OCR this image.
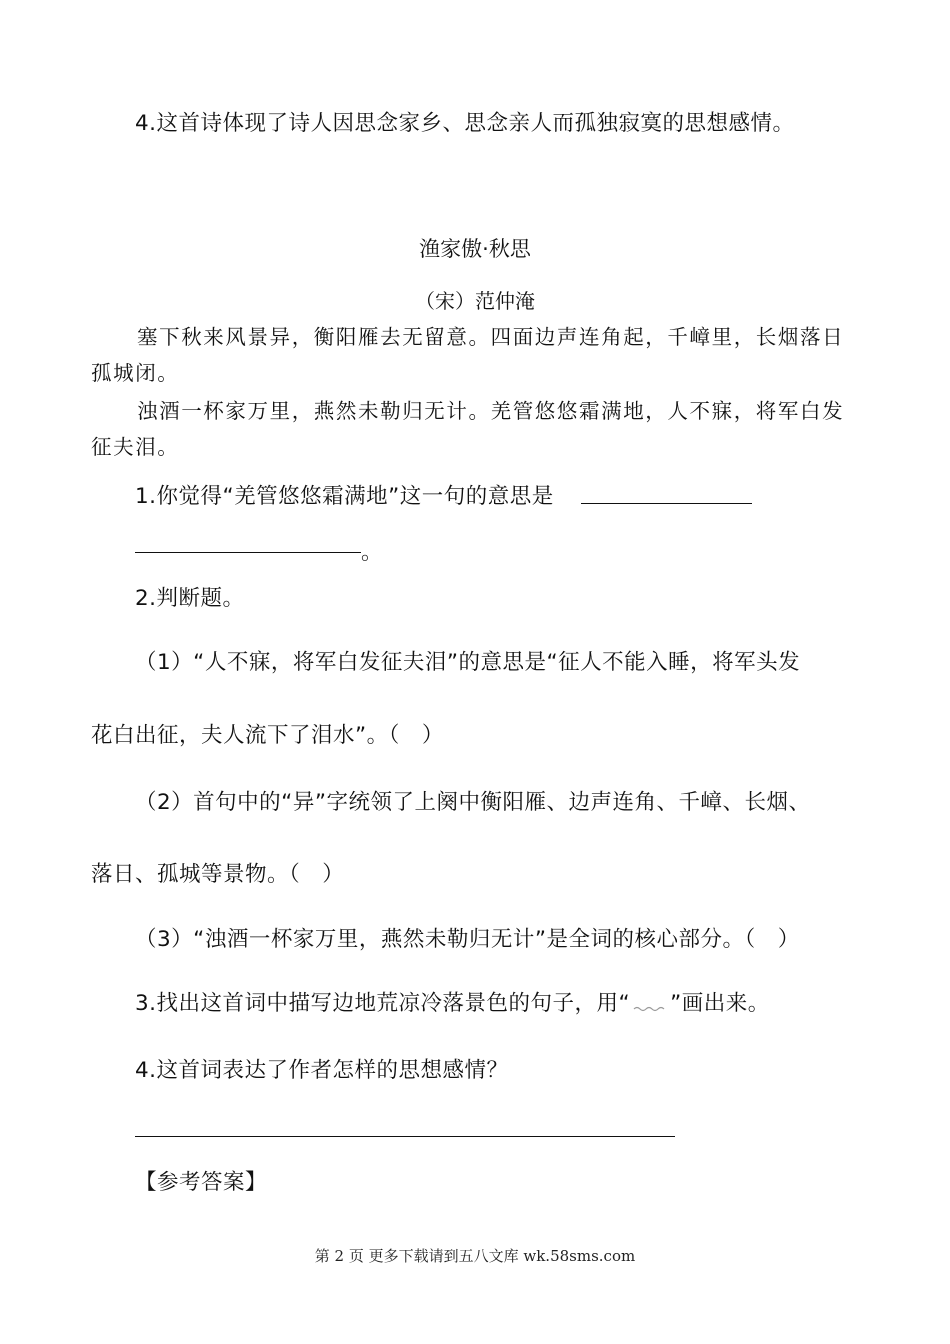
4.这首诗体现了诗人因思念家乡、思念亲人而孤独寂寞的思想感情。
渔家傲·秋思
（宋）范仲淹
塞下秋来风景异，衡阳雁去无留意。四面边声连角起，千嶂里，长烟落日
孤城闭。
浊酒一杯家万里，燕然未勒归无计。羌管悠悠霜满地，人不寐，将军白发
征夫泪。
1.你觉得“羌管悠悠霜满地”这一句的意思是
。
2.判断题。
（1）“人不寐，将军白发征夫泪”的意思是“征人不能入睡，将军头发
花白出征，夫人流下了泪水”。（　）
（2）首句中的“异”字统领了上阕中衡阳雁、边声连角、千嶂、长烟、
落日、孤城等景物。（　）
（3）“浊酒一杯家万里，燕然未勒归无计”是全词的核心部分。（　）
3.找出这首词中描写边地荒凉冷落景色的句子，用“ ”画出来。
4.这首词表达了作者怎样的思想感情？
【参考答案】
第 2 页 更多下载请到五八文库 wk.58sms.com
